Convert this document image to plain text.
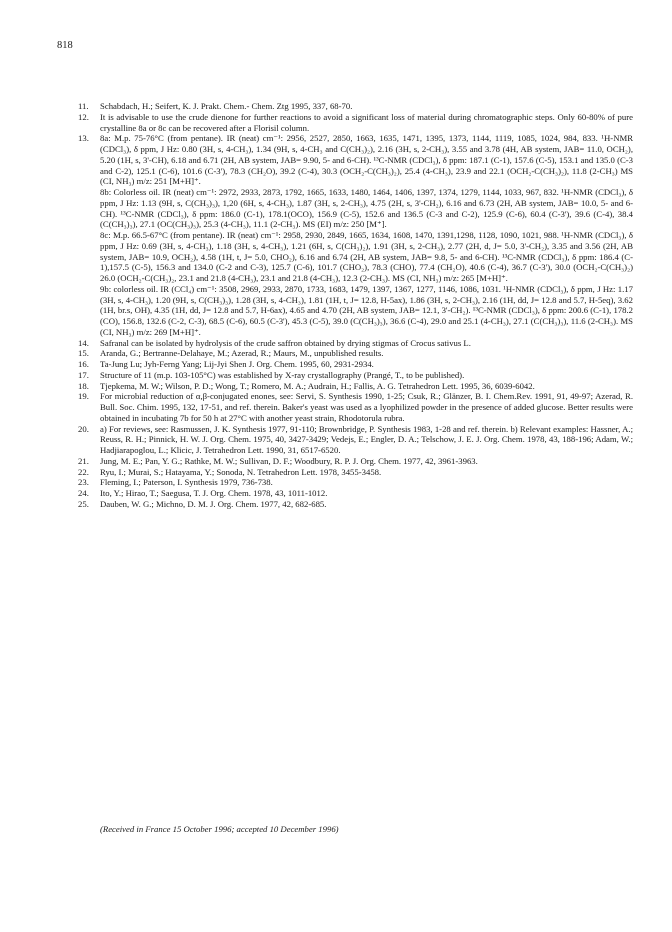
818
11.	Schabdach, H.; Seifert, K. J. Prakt. Chem.- Chem. Ztg 1995, 337, 68-70.

12.	It is advisable to use the crude dienone for further reactions to avoid a significant loss of material during chromatographic steps. Only 60-80% of pure crystalline 8a or 8c can be recovered after a Florisil column.

13.	8a: M.p. 75-76°C (from pentane). IR (neat) cm⁻¹: 2956, 2527, 2850, 1663, 1635, 1471, 1395, 1373, 1144, 1119, 1085, 1024, 984, 833. ¹H-NMR (CDCl₃), δ ppm, J Hz: 0.80 (3H, s, 4-CH₃), 1.34 (9H, s, 4-CH₃ and C(CH₃)₂), 2.16 (3H, s, 2-CH₃), 3.55 and 3.78 (4H, AB system, JAB= 11.0, OCH₂), 5.20 (1H, s, 3'-CH), 6.18 and 6.71 (2H, AB system, JAB= 9.90, 5- and 6-CH). ¹³C-NMR (CDCl₃), δ ppm: 187.1 (C-1), 157.6 (C-5), 153.1 and 135.0 (C-3 and C-2), 125.1 (C-6), 101.6 (C-3'), 78.3 (CH₂O), 39.2 (C-4), 30.3 (OCH₂-C(CH₃)₂), 25.4 (4-CH₃), 23.9 and 22.1 (OCH₂-C(CH₃)₂), 11.8 (2-CH₃) MS (CI, NH₃) m/z: 251 [M+H]⁺.

8b: Colorless oil. IR (neat) cm⁻¹: 2972, 2933, 2873, 1792, 1665, 1633, 1480, 1464, 1406, 1397, 1374, 1279, 1144, 1033, 967, 832. ¹H-NMR (CDCl₃), δ ppm, J Hz: 1.13 (9H, s, C(CH₃)₃), 1,20 (6H, s, 4-CH₃), 1.87 (3H, s, 2-CH₃), 4.75 (2H, s, 3'-CH₂), 6.16 and 6.73 (2H, AB system, JAB= 10.0, 5- and 6-CH). ¹³C-NMR (CDCl₃), δ ppm: 186.0 (C-1), 178.1(OCO), 156.9 (C-5), 152.6 and 136.5 (C-3 and C-2), 125.9 (C-6), 60.4 (C-3'), 39.6 (C-4), 38.4 (C(CH₃)₃), 27.1 (OC(CH₃)₃), 25.3 (4-CH₃), 11.1 (2-CH₃). MS (EI) m/z: 250 [M⁺].

8c: M.p. 66.5-67°C (from pentane). IR (neat) cm⁻¹: 2958, 2930, 2849, 1665, 1634, 1608, 1470, 1391,1298, 1128, 1090, 1021, 988. ¹H-NMR (CDCl₃), δ ppm, J Hz: 0.69 (3H, s, 4-CH₃), 1.18 (3H, s, 4-CH₃), 1.21 (6H, s, C(CH₃)₂), 1.91 (3H, s, 2-CH₃), 2.77 (2H, d, J= 5.0, 3'-CH₂), 3.35 and 3.56 (2H, AB system, JAB= 10.9, OCH₂), 4.58 (1H, t, J= 5.0, CHO₂), 6.16 and 6.74 (2H, AB system, JAB= 9.8, 5- and 6-CH). ¹³C-NMR (CDCl₃), δ ppm: 186.4 (C-1),157.5 (C-5), 156.3 and 134.0 (C-2 and C-3), 125.7 (C-6), 101.7 (CHO₂), 78.3 (CHO), 77.4 (CH₂O), 40.6 (C-4), 36.7 (C-3'), 30.0 (OCH₂-C(CH₃)₂) 26.0 (OCH₂-C(CH₃)₂, 23.1 and 21.8 (4-CH₃), 23.1 and 21.8 (4-CH₃), 12.3 (2-CH₃). MS (CI, NH₃) m/z: 265 [M+H]⁺.

9b: colorless oil. IR (CCl₄) cm⁻¹: 3508, 2969, 2933, 2870, 1733, 1683, 1479, 1397, 1367, 1277, 1146, 1086, 1031. ¹H-NMR (CDCl₃), δ ppm, J Hz: 1.17 (3H, s, 4-CH₃), 1.20 (9H, s, C(CH₃)₃), 1.28 (3H, s, 4-CH₃), 1.81 (1H, t, J= 12.8, H-5ax), 1.86 (3H, s, 2-CH₃), 2.16 (1H, dd, J= 12.8 and 5.7, H-5eq), 3.62 (1H, br.s, OH), 4.35 (1H, dd, J= 12.8 and 5.7, H-6ax), 4.65 and 4.70 (2H, AB system, JAB= 12.1, 3'-CH₂). ¹³C-NMR (CDCl₃), δ ppm: 200.6 (C-1), 178.2 (CO), 156.8, 132.6 (C-2, C-3), 68.5 (C-6), 60.5 (C-3'), 45.3 (C-5), 39.0 (C(CH₃)₃), 36.6 (C-4), 29.0 and 25.1 (4-CH₃), 27.1 (C(CH₃)₃), 11.6 (2-CH₃). MS (CI, NH₃) m/z: 269 [M+H]⁺.

14.	Safranal can be isolated by hydrolysis of the crude saffron obtained by drying stigmas of Crocus sativus L.

15.	Aranda, G.; Bertranne-Delahaye, M.; Azerad, R.; Maurs, M., unpublished results.

16.	Ta-Jung Lu; Jyh-Ferng Yang; Lij-Jyi Shen J. Org. Chem. 1995, 60, 2931-2934.

17.	Structure of 11 (m.p. 103-105°C) was established by X-ray crystallography (Prangé, T., to be published).

18.	Tjepkema, M. W.; Wilson, P. D.; Wong, T.; Romero, M. A.; Audrain, H.; Fallis, A. G. Tetrahedron Lett. 1995, 36, 6039-6042.

19.	For microbial reduction of α,β-conjugated enones, see: Servi, S. Synthesis 1990, 1-25; Csuk, R.; Glänzer, B. I. Chem.Rev. 1991, 91, 49-97; Azerad, R. Bull. Soc. Chim. 1995, 132, 17-51, and ref. therein. Baker's yeast was used as a lyophilized powder in the presence of added glucose. Better results were obtained in incubating 7b for 50 h at 27°C with another yeast strain, Rhodotorula rubra.

20.	a) For reviews, see: Rasmussen, J. K. Synthesis 1977, 91-110; Brownbridge, P. Synthesis 1983, 1-28 and ref. therein. b) Relevant examples: Hassner, A.; Reuss, R. H.; Pinnick, H. W. J. Org. Chem. 1975, 40, 3427-3429; Vedejs, E.; Engler, D. A.; Telschow, J. E. J. Org. Chem. 1978, 43, 188-196; Adam, W.; Hadjiarapoglou, L.; Klicic, J. Tetrahedron Lett. 1990, 31, 6517-6520.

21.	Jung, M. E.; Pan, Y. G.; Rathke, M. W.; Sullivan, D. F.; Woodbury, R. P. J. Org. Chem. 1977, 42, 3961-3963.

22.	Ryu, I.; Murai, S.; Hatayama, Y.; Sonoda, N. Tetrahedron Lett. 1978, 3455-3458.

23.	Fleming, I.; Paterson, I. Synthesis 1979, 736-738.

24.	Ito, Y.; Hirao, T.; Saegusa, T. J. Org. Chem. 1978, 43, 1011-1012.

25.	Dauben, W. G.; Michno, D. M. J. Org. Chem. 1977, 42, 682-685.

(Received in France 15 October 1996; accepted 10 December 1996)
